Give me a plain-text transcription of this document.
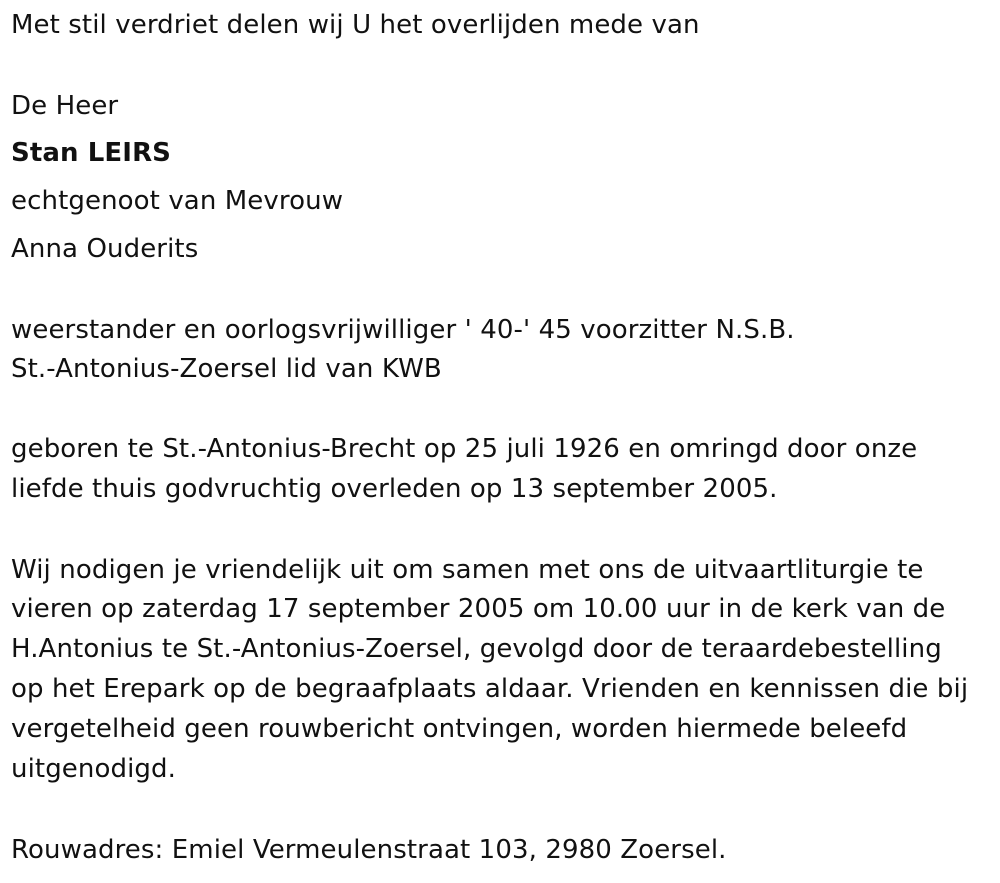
Met stil verdriet delen wij U het overlijden mede van
De Heer
Stan LEIRS
echtgenoot van Mevrouw
Anna Ouderits
weerstander en oorlogsvrijwilliger ' 40-' 45 voorzitter N.S.B.
St.-Antonius-Zoersel lid van KWB
geboren te St.-Antonius-Brecht op 25 juli 1926 en omringd door onze
liefde thuis godvruchtig overleden op 13 september 2005.
Wij nodigen je vriendelijk uit om samen met ons de uitvaartliturgie te
vieren op zaterdag 17 september 2005 om 10.00 uur in de kerk van de
H.Antonius te St.-Antonius-Zoersel, gevolgd door de teraardebestelling
op het Erepark op de begraafplaats aldaar. Vrienden en kennissen die bij
vergetelheid geen rouwbericht ontvingen, worden hiermede beleefd
uitgenodigd.
Rouwadres: Emiel Vermeulenstraat 103, 2980 Zoersel.
